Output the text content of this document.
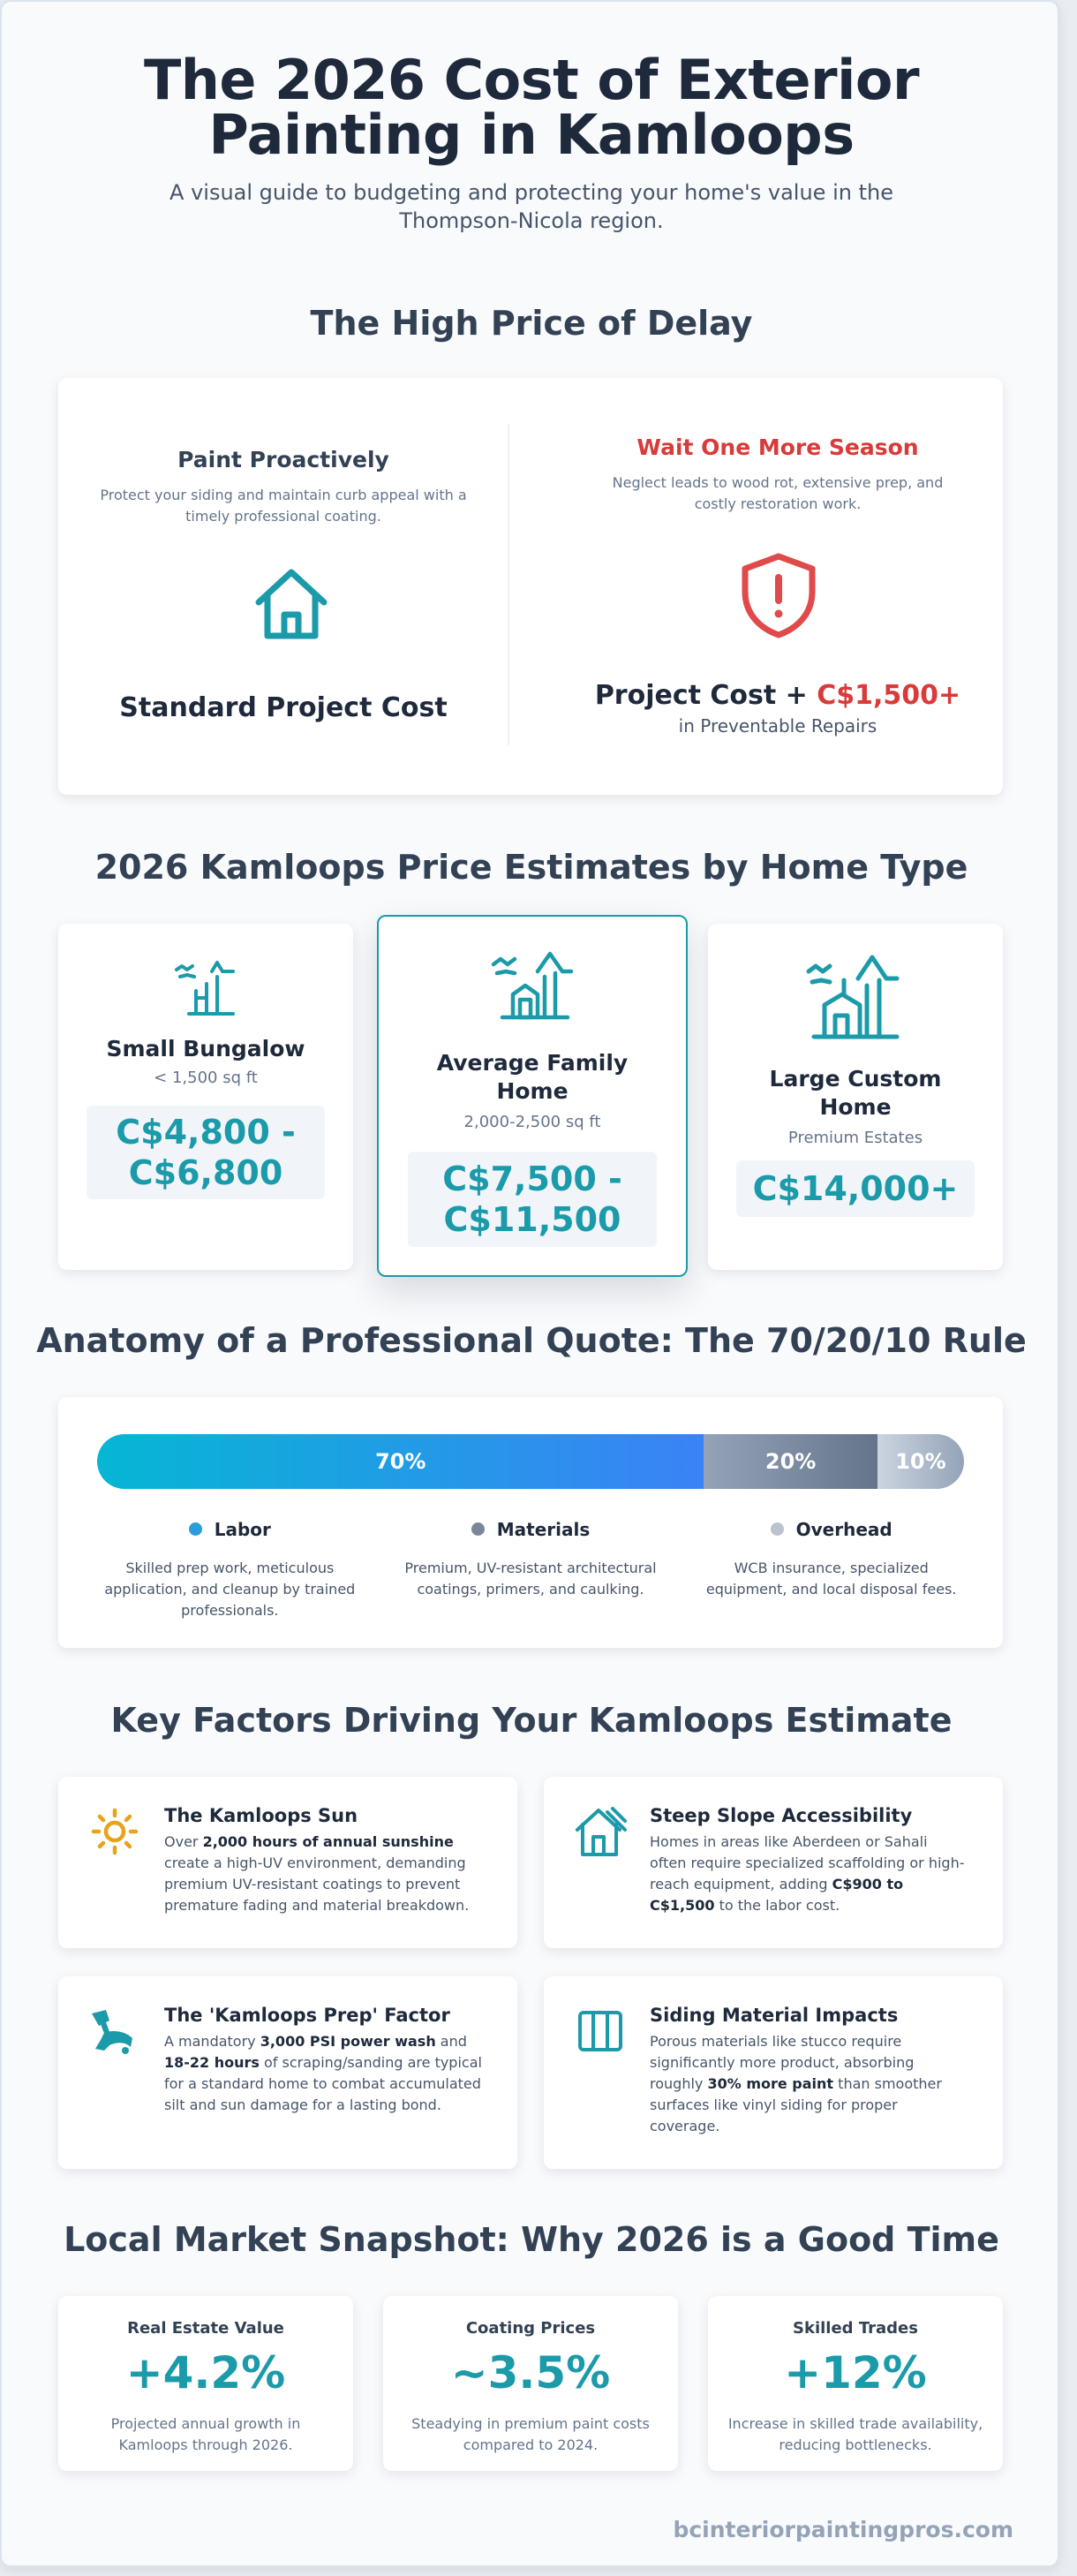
The 2026 Cost of Exterior
Painting in Kamloops
A visual guide to budgeting and protecting your home's value in the Thompson-Nicola region.
The High Price of Delay
Paint Proactively
Protect your siding and maintain curb appeal with a timely professional coating.
Standard Project Cost
Wait One More Season
Neglect leads to wood rot, extensive prep, and costly restoration work.
Project Cost + C$1,500+
in Preventable Repairs
2026 Kamloops Price Estimates by Home Type
Small Bungalow
< 1,500 sq ft
C$4,800 -
C$6,800
Average Family
Home
2,000-2,500 sq ft
C$7,500 -
C$11,500
Large Custom
Home
Premium Estates
C$14,000+
Anatomy of a Professional Quote: The 70/20/10 Rule
70%	20%	10%
Labor
Skilled prep work, meticulous application, and cleanup by trained professionals.
Materials
Premium, UV-resistant architectural coatings, primers, and caulking.
Overhead
WCB insurance, specialized equipment, and local disposal fees.
Key Factors Driving Your Kamloops Estimate
The Kamloops Sun
Over 2,000 hours of annual sunshine create a high-UV environment, demanding premium UV-resistant coatings to prevent premature fading and material breakdown.
Steep Slope Accessibility
Homes in areas like Aberdeen or Sahali often require specialized scaffolding or high-reach equipment, adding C$900 to C$1,500 to the labor cost.
The 'Kamloops Prep' Factor
A mandatory 3,000 PSI power wash and 18-22 hours of scraping/sanding are typical for a standard home to combat accumulated silt and sun damage for a lasting bond.
Siding Material Impacts
Porous materials like stucco require significantly more product, absorbing roughly 30% more paint than smoother surfaces like vinyl siding for proper coverage.
Local Market Snapshot: Why 2026 is a Good Time
Real Estate Value
+4.2%
Projected annual growth in Kamloops through 2026.
Coating Prices
~3.5%
Steadying in premium paint costs compared to 2024.
Skilled Trades
+12%
Increase in skilled trade availability, reducing bottlenecks.
bcinteriorpaintingpros.com
